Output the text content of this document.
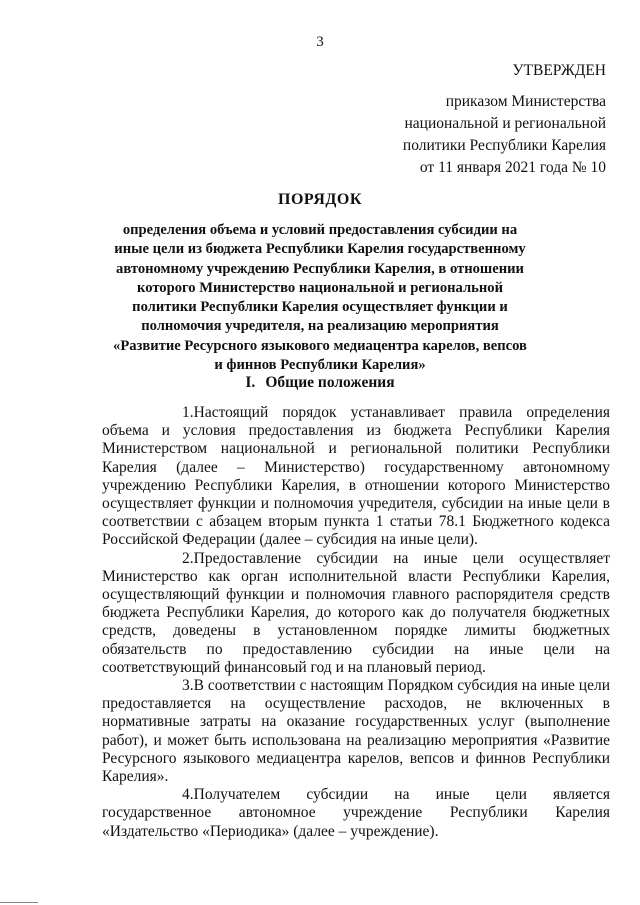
3
УТВЕРЖДЕН
приказом Министерства
национальной и региональной
политики Республики Карелия
от 11 января 2021 года № 10
ПОРЯДОК
определения объема и условий предоставления субсидии на иные цели из бюджета Республики Карелия государственному автономному учреждению Республики Карелия, в отношении которого Министерство национальной и региональной политики Республики Карелия осуществляет функции и полномочия учредителя, на реализацию мероприятия «Развитие Ресурсного языкового медиацентра карелов, вепсов и финнов Республики Карелия»
I. Общие положения

1.Настоящий порядок устанавливает правила определения объема и условия предоставления из бюджета Республики Карелия Министерством национальной и региональной политики Республики Карелия (далее – Министерство) государственному автономному учреждению Республики Карелия, в отношении которого Министерство осуществляет функции и полномочия учредителя, субсидии на иные цели в соответствии с абзацем вторым пункта 1 статьи 78.1 Бюджетного кодекса Российской Федерации (далее – субсидия на иные цели).

2.Предоставление субсидии на иные цели осуществляет Министерство как орган исполнительной власти Республики Карелия, осуществляющий функции и полномочия главного распорядителя средств бюджета Республики Карелия, до которого как до получателя бюджетных средств, доведены в установленном порядке лимиты бюджетных обязательств по предоставлению субсидии на иные цели на соответствующий финансовый год и на плановый период.

3.В соответствии с настоящим Порядком субсидия на иные цели предоставляется на осуществление расходов, не включенных в нормативные затраты на оказание государственных услуг (выполнение работ), и может быть использована на реализацию мероприятия «Развитие Ресурсного языкового медиацентра карелов, вепсов и финнов Республики Карелия».

4.Получателем субсидии на иные цели является государственное автономное учреждение Республики Карелия «Издательство «Периодика» (далее – учреждение).
